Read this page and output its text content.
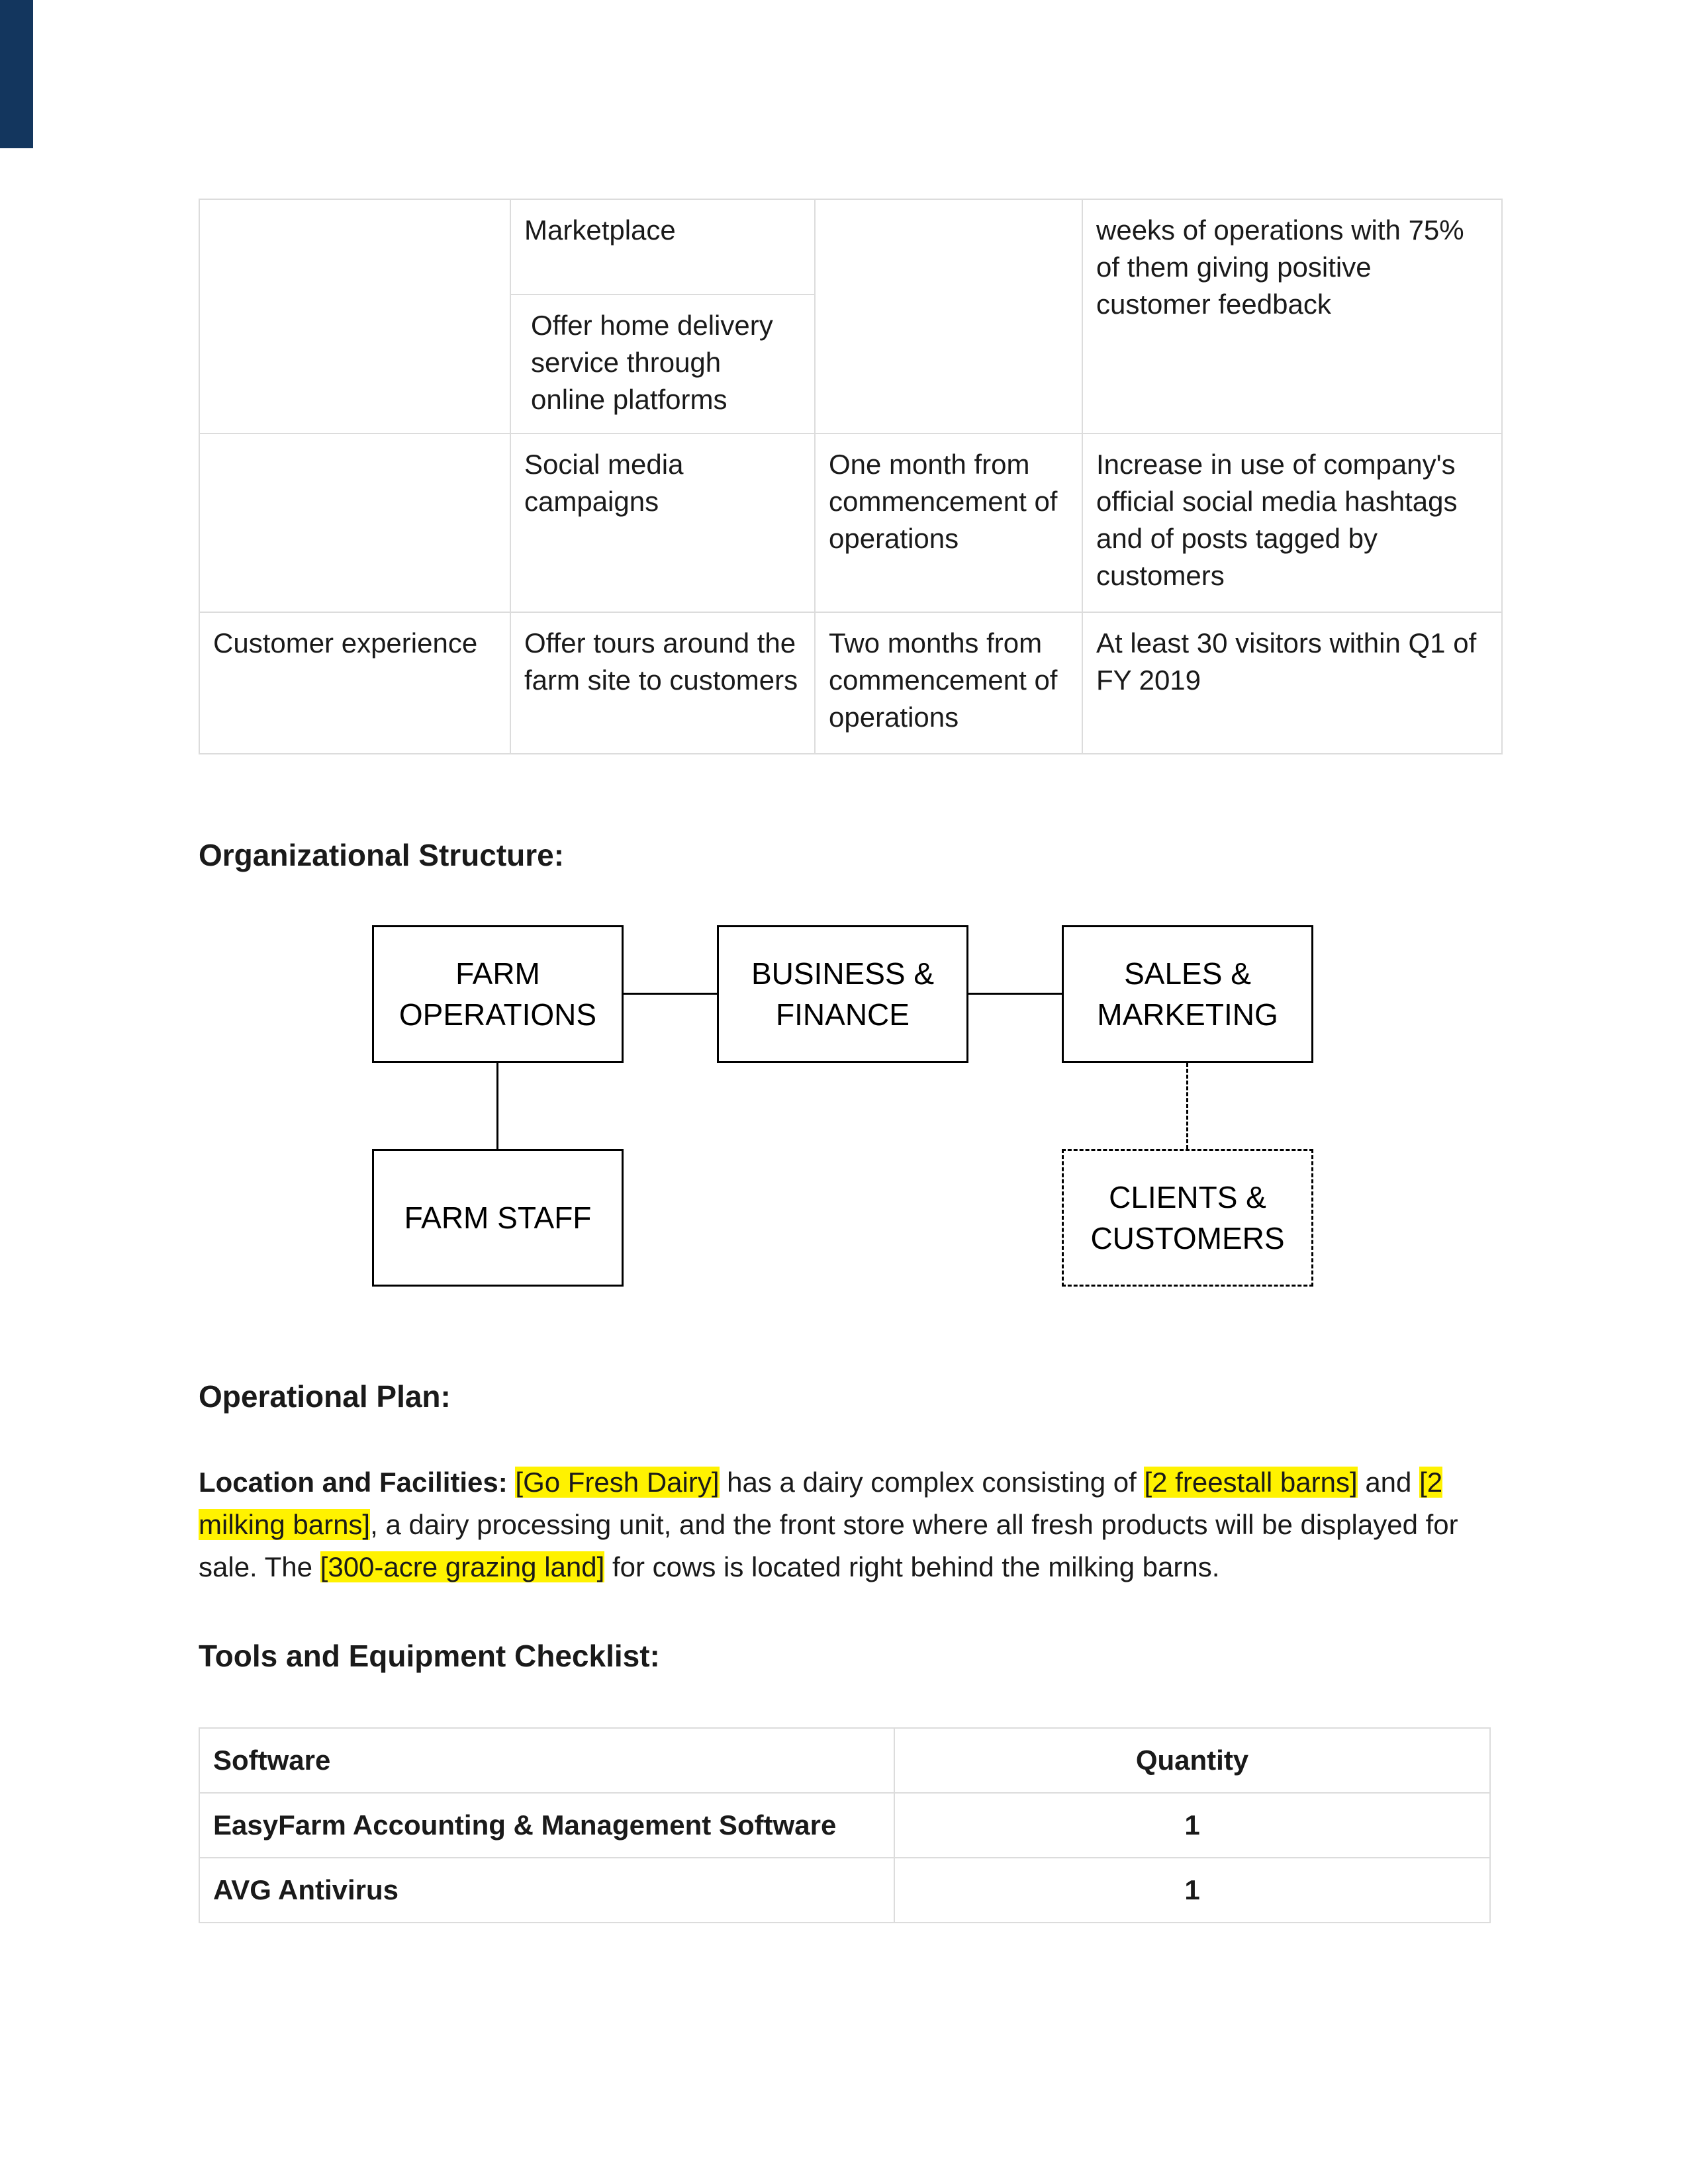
	Marketplace		weeks of operations with 75% of them giving positive customer feedback
	Offer home delivery service through online platforms		
	Social media campaigns	One month from commencement of operations	Increase in use of company's official social media hashtags and of posts tagged by customers
Customer experience	Offer tours around the farm site to customers	Two months from commencement of operations	At least 30 visitors within Q1 of FY 2019
Organizational Structure:
FARM
OPERATIONS
BUSINESS &
FINANCE
SALES &
MARKETING
FARM STAFF
CLIENTS &
CUSTOMERS
Operational Plan:
Location and Facilities: [Go Fresh Dairy] has a dairy complex consisting of [2 freestall barns] and [2 milking barns], a dairy processing unit, and the front store where all fresh products will be displayed for sale. The [300-acre grazing land] for cows is located right behind the milking barns.
Tools and Equipment Checklist:
Software	Quantity
EasyFarm Accounting & Management Software	1
AVG Antivirus	1
